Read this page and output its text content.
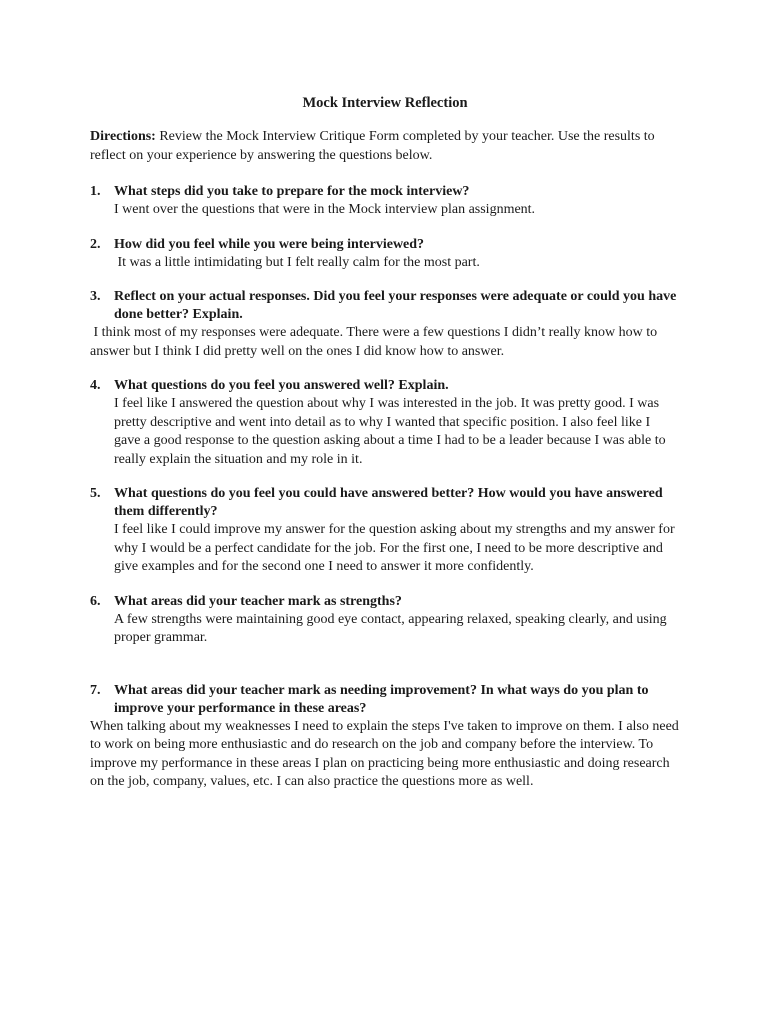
Mock Interview Reflection
Directions: Review the Mock Interview Critique Form completed by your teacher. Use the results to reflect on your experience by answering the questions below.
1. What steps did you take to prepare for the mock interview?
I went over the questions that were in the Mock interview plan assignment.
2. How did you feel while you were being interviewed?
It was a little intimidating but I felt really calm for the most part.
3. Reflect on your actual responses. Did you feel your responses were adequate or could you have done better? Explain.
I think most of my responses were adequate. There were a few questions I didn’t really know how to answer but I think I did pretty well on the ones I did know how to answer.
4. What questions do you feel you answered well? Explain.
I feel like I answered the question about why I was interested in the job. It was pretty good. I was pretty descriptive and went into detail as to why I wanted that specific position. I also feel like I gave a good response to the question asking about a time I had to be a leader because I was able to really explain the situation and my role in it.
5. What questions do you feel you could have answered better? How would you have answered them differently?
I feel like I could improve my answer for the question asking about my strengths and my answer for why I would be a perfect candidate for the job. For the first one, I need to be more descriptive and give examples and for the second one I need to answer it more confidently.
6. What areas did your teacher mark as strengths?
A few strengths were maintaining good eye contact, appearing relaxed, speaking clearly, and using proper grammar.
7. What areas did your teacher mark as needing improvement? In what ways do you plan to improve your performance in these areas?
When talking about my weaknesses I need to explain the steps I've taken to improve on them. I also need to work on being more enthusiastic and do research on the job and company before the interview. To improve my performance in these areas I plan on practicing being more enthusiastic and doing research on the job, company, values, etc. I can also practice the questions more as well.
